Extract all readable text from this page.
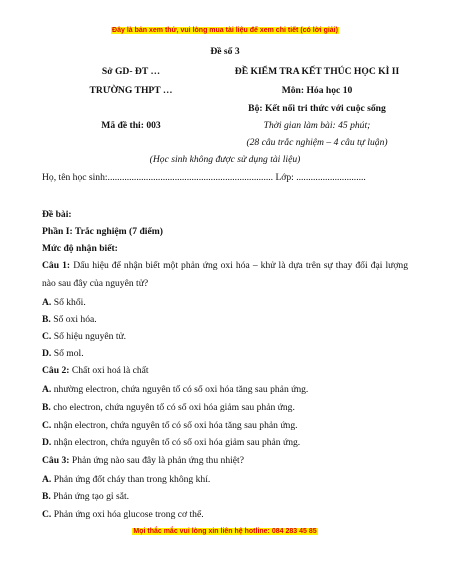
Đây là bản xem thử, vui lòng mua tài liệu để xem chi tiết (có lời giải)
Đề số 3
Sở GD- ĐT …
TRƯỜNG THPT …
Mã đề thi: 003
ĐỀ KIỂM TRA KẾT THÚC HỌC KÌ II
Môn: Hóa học 10
Bộ: Kết nối tri thức với cuộc sống
Thời gian làm bài: 45 phút;
(28 câu trắc nghiệm – 4 câu tự luận)
(Học sinh không được sử dụng tài liệu)
Họ, tên học sinh:..................................................................... Lớp: .............................
Đề bài:
Phần I: Trắc nghiệm (7 điểm)
Mức độ nhận biết:
Câu 1: Dấu hiệu để nhận biết một phản ứng oxi hóa – khử là dựa trên sự thay đổi đại lượng nào sau đây của nguyên tử?
A. Số khối.
B. Số oxi hóa.
C. Số hiệu nguyên tử.
D. Số mol.
Câu 2: Chất oxi hoá là chất
A. nhường electron, chứa nguyên tố có số oxi hóa tăng sau phản ứng.
B. cho electron, chứa nguyên tố có số oxi hóa giảm sau phản ứng.
C. nhận electron, chứa nguyên tố có số oxi hóa tăng sau phản ứng.
D. nhận electron, chứa nguyên tố có số oxi hóa giảm sau phản ứng.
Câu 3: Phản ứng nào sau đây là phản ứng thu nhiệt?
A. Phản ứng đốt cháy than trong không khí.
B. Phản ứng tạo gỉ sắt.
C. Phản ứng oxi hóa glucose trong cơ thể.
Mọi thắc mắc vui lòng xin liên hệ hotline: 084 283 45 85
